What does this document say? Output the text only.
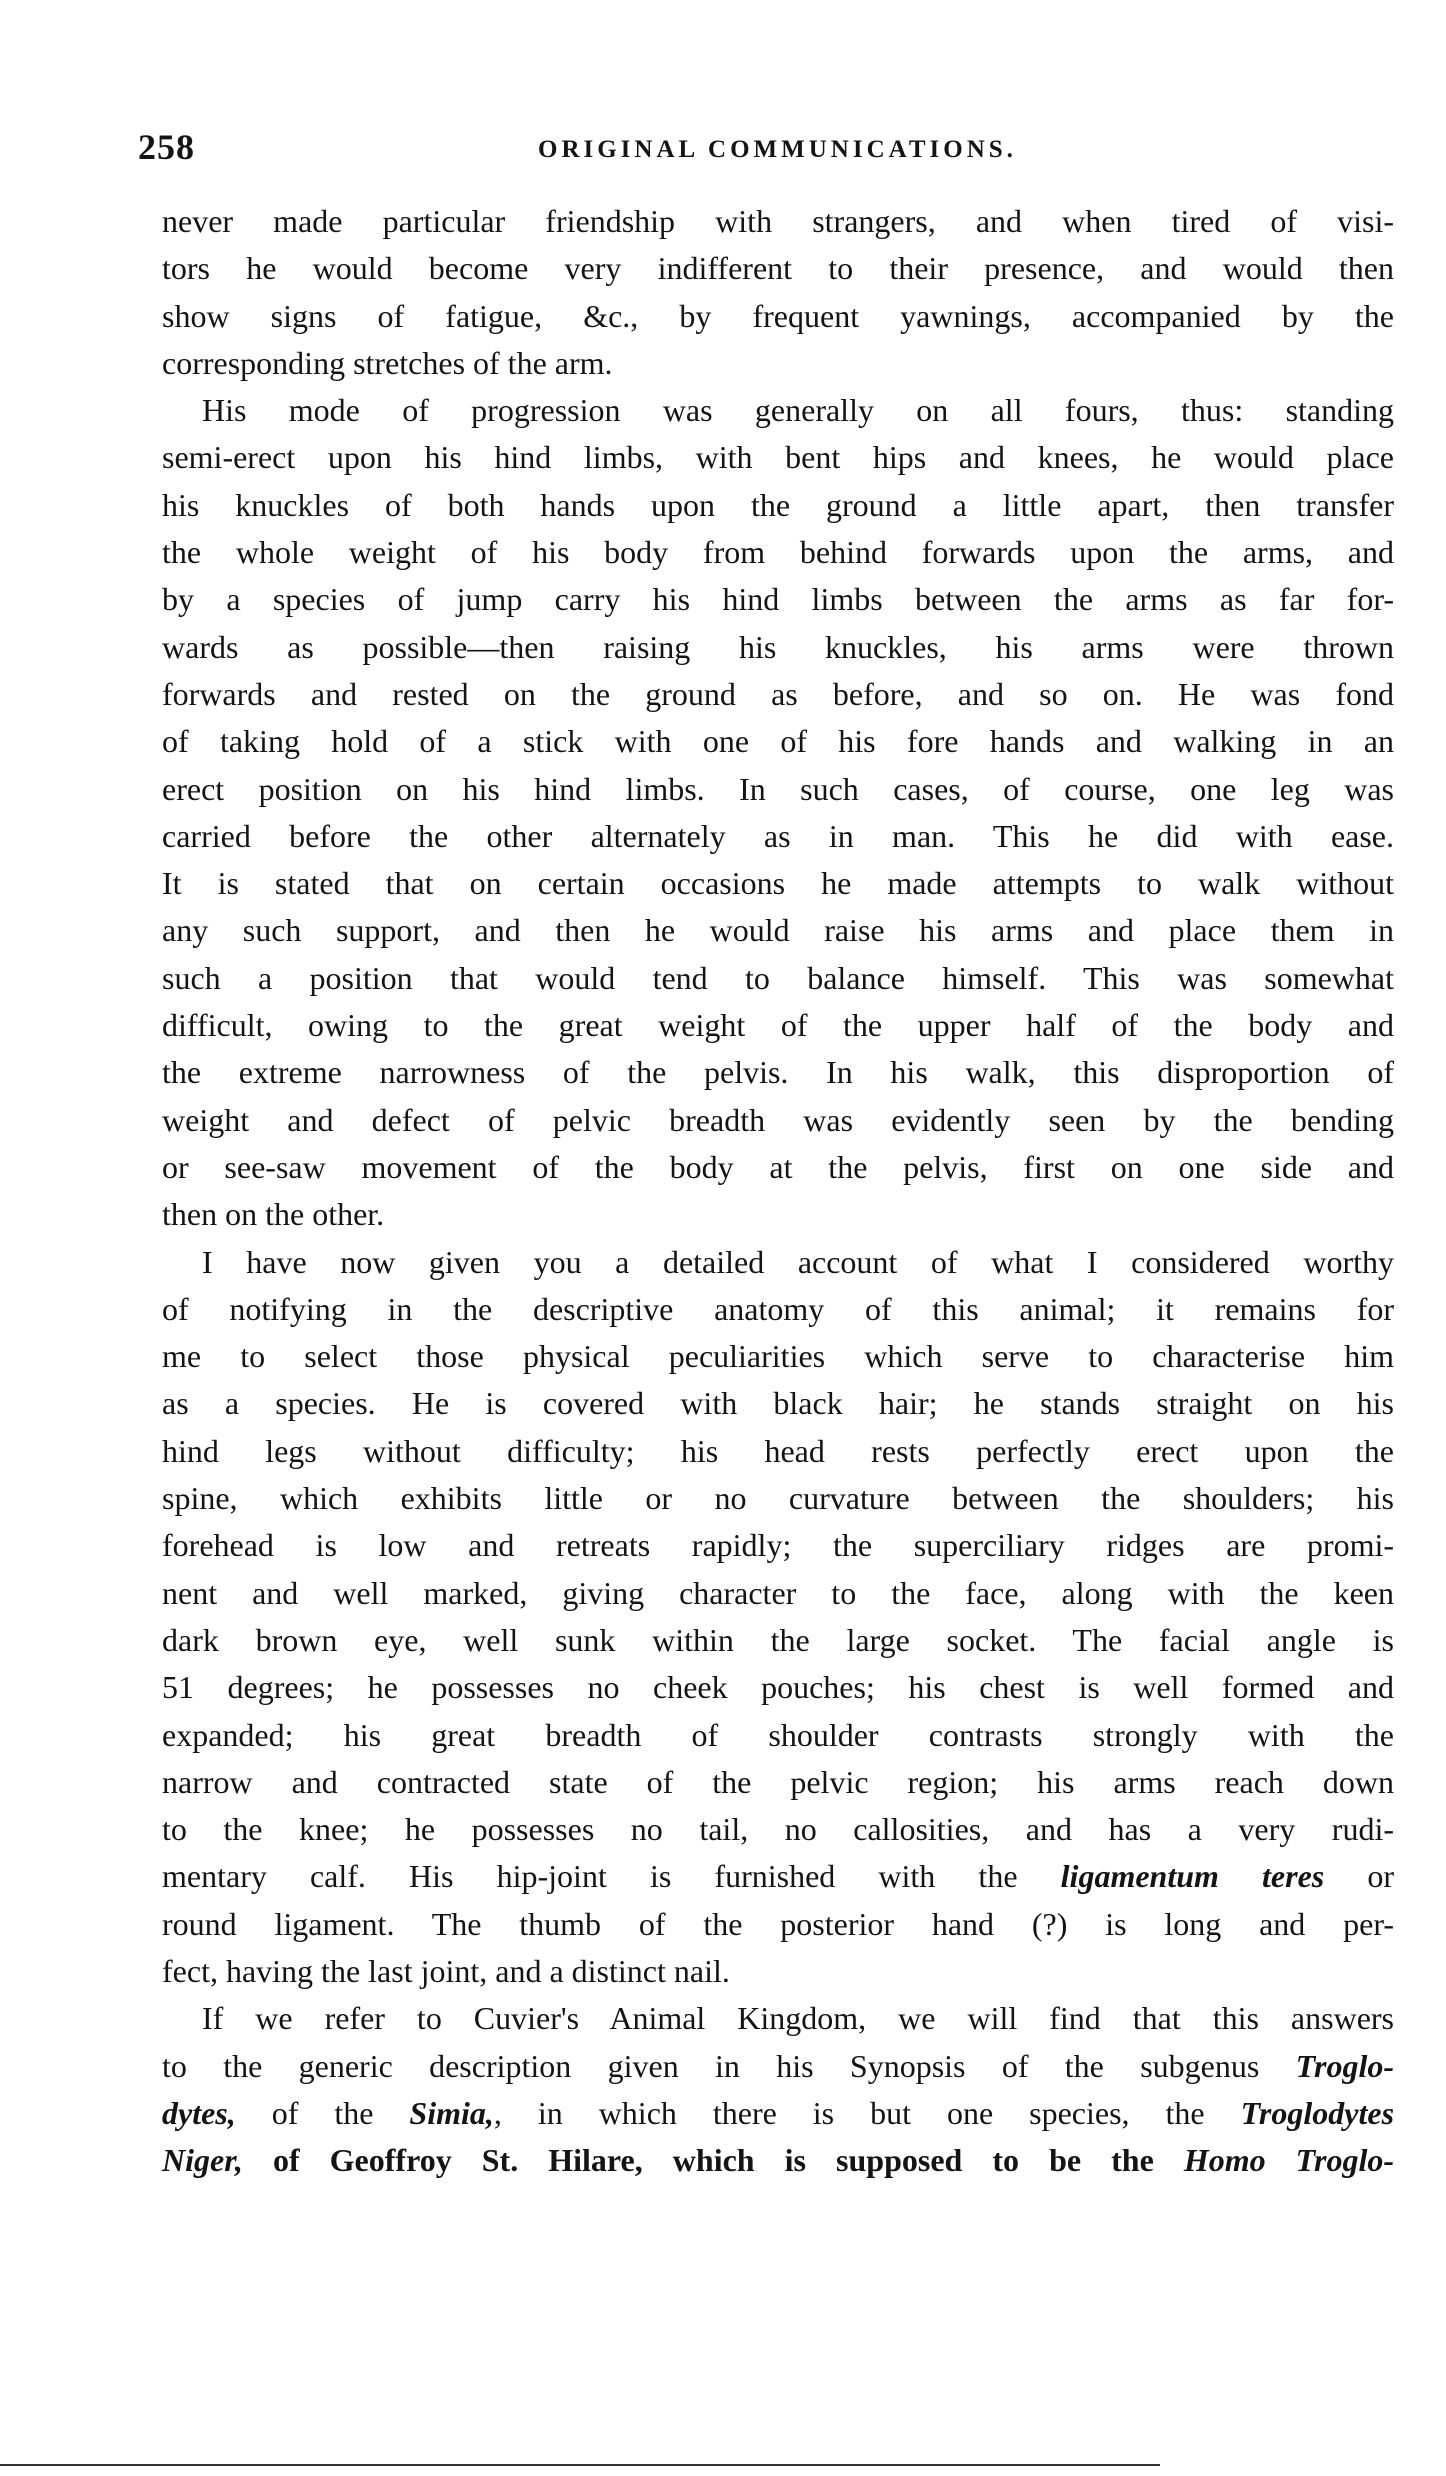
258	ORIGINAL COMMUNICATIONS.
never made particular friendship with strangers, and when tired of visi-
tors he would become very indifferent to their presence, and would then
show signs of fatigue, &c., by frequent yawnings, accompanied by the
corresponding stretches of the arm.
His mode of progression was generally on all fours, thus: standing
semi-erect upon his hind limbs, with bent hips and knees, he would place
his knuckles of both hands upon the ground a little apart, then transfer
the whole weight of his body from behind forwards upon the arms, and
by a species of jump carry his hind limbs between the arms as far for-
wards as possible—then raising his knuckles, his arms were thrown
forwards and rested on the ground as before, and so on. He was fond
of taking hold of a stick with one of his fore hands and walking in an
erect position on his hind limbs. In such cases, of course, one leg was
carried before the other alternately as in man. This he did with ease.
It is stated that on certain occasions he made attempts to walk without
any such support, and then he would raise his arms and place them in
such a position that would tend to balance himself. This was somewhat
difficult, owing to the great weight of the upper half of the body and
the extreme narrowness of the pelvis. In his walk, this disproportion of
weight and defect of pelvic breadth was evidently seen by the bending
or see-saw movement of the body at the pelvis, first on one side and
then on the other.
I have now given you a detailed account of what I considered worthy
of notifying in the descriptive anatomy of this animal; it remains for
me to select those physical peculiarities which serve to characterise him
as a species. He is covered with black hair; he stands straight on his
hind legs without difficulty; his head rests perfectly erect upon the
spine, which exhibits little or no curvature between the shoulders; his
forehead is low and retreats rapidly; the superciliary ridges are promi-
nent and well marked, giving character to the face, along with the keen
dark brown eye, well sunk within the large socket. The facial angle is
51 degrees; he possesses no cheek pouches; his chest is well formed and
expanded; his great breadth of shoulder contrasts strongly with the
narrow and contracted state of the pelvic region; his arms reach down
to the knee; he possesses no tail, no callosities, and has a very rudi-
mentary calf. His hip-joint is furnished with the ligamentum teres or
round ligament. The thumb of the posterior hand (?) is long and per-
fect, having the last joint, and a distinct nail.
If we refer to Cuvier's Animal Kingdom, we will find that this answers
to the generic description given in his Synopsis of the subgenus Troglo-
dytes, of the Simia,, in which there is but one species, the Troglodytes
Niger, of Geoffroy St. Hilare, which is supposed to be the Homo Troglo-
